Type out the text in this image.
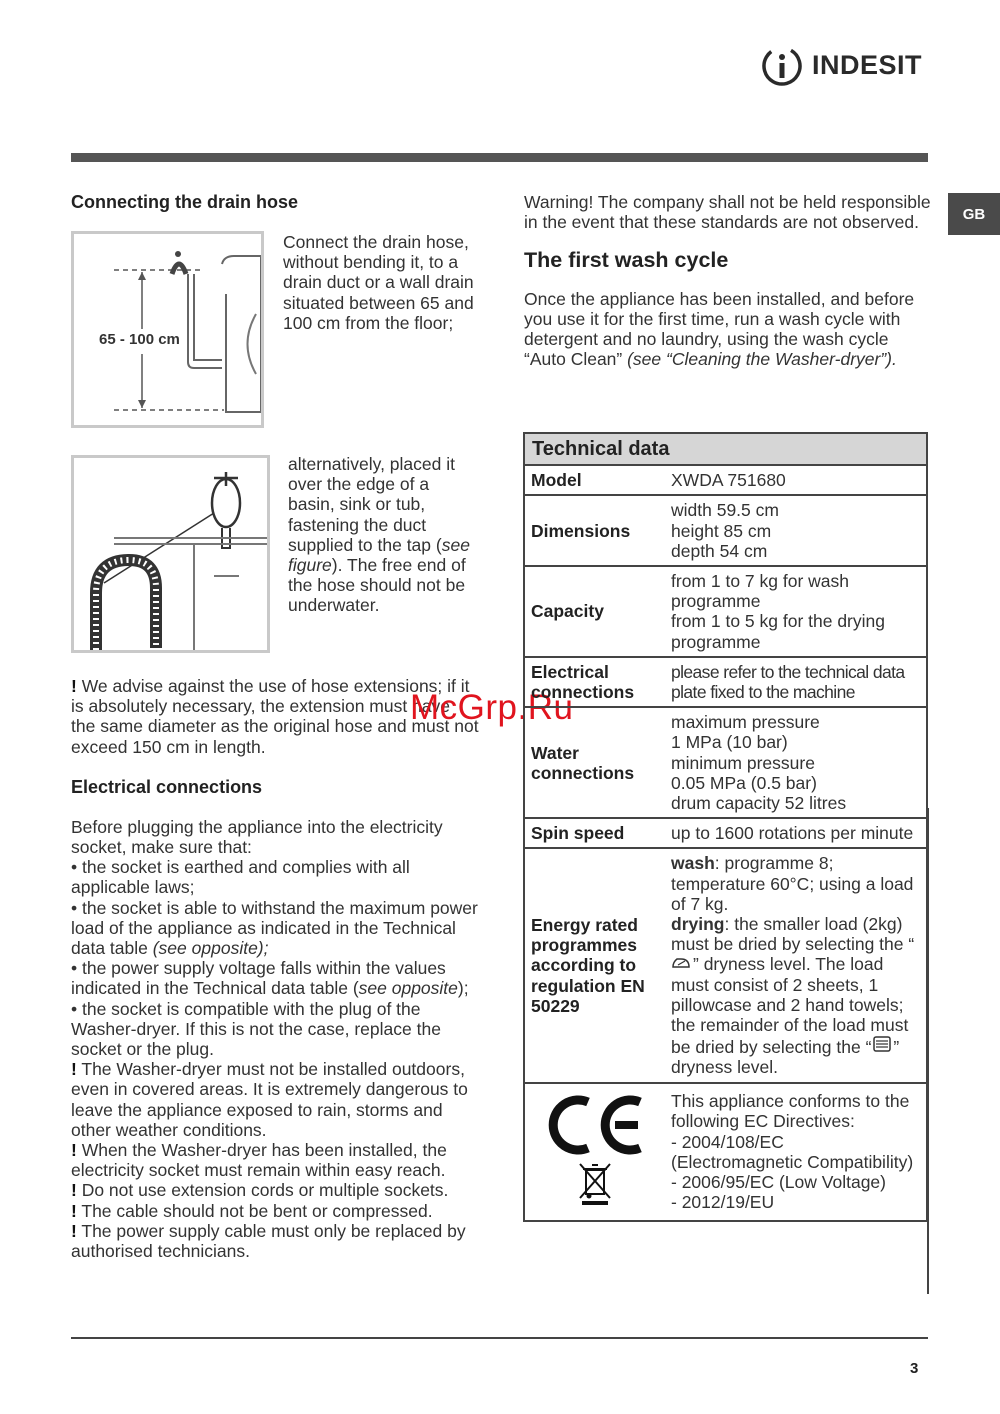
INDESIT
GB
Connecting the drain hose
65 - 100 cm
Connect the drain hose, without bending it, to a drain duct or a wall drain situated between 65 and 100 cm from the floor;
alternatively, placed it over the edge of a basin, sink or tub, fastening the duct supplied to the tap (see figure). The free end of the hose should not be underwater.

! We advise against the use of hose extensions; if it is absolutely necessary, the extension must have the same diameter as the original hose and must not exceed 150 cm in length.

Electrical connections

Before plugging the appliance into the electricity socket, make sure that:

• the socket is earthed and complies with all applicable laws;

• the socket is able to withstand the maximum power load of the appliance as indicated in the Technical data table (see opposite);

• the power supply voltage falls within the values indicated in the Technical data table (see opposite);

• the socket is compatible with the plug of the Washer-dryer. If this is not the case, replace the socket or the plug.

! The Washer-dryer must not be installed outdoors, even in covered areas. It is extremely dangerous to leave the appliance exposed to rain, storms and other weather conditions.

! When the Washer-dryer has been installed, the electricity socket must remain within easy reach.

! Do not use extension cords or multiple sockets.

! The cable should not be bent or compressed.

! The power supply cable must only be replaced by authorised technicians.

McGrp.Ru

Warning! The company shall not be held responsible in the event that these standards are not observed.

The first wash cycle

Once the appliance has been installed, and before you use it for the first time, run a wash cycle with detergent and no laundry, using the wash cycle “Auto Clean” (see “Cleaning the Washer-dryer”).

Technical data	
Model	XWDA 751680
Dimensions	width 59.5 cm
height 85 cm
depth 54 cm

Capacity	from 1 to 7 kg for wash programme
from 1 to 5 kg for the drying programme

Electrical connections	please refer to the technical data plate fixed to the machine
Water connections	maximum pressure
1 MPa (10 bar)
minimum pressure
0.05 MPa (0.5 bar)
drum capacity 52 litres

Spin speed	up to 1600 rotations per minute
Energy rated programmes according to regulation EN 50229	wash: programme 8; temperature 60°C; using a load of 7 kg.
drying: the smaller load (2kg) must be dried by selecting the “” dryness level. The load must consist of 2 sheets, 1 pillowcase and 2 hand towels; the remainder of the load must be dried by selecting the “ ” dryness level.

This appliance conforms to the following EC Directives:
- 2004/108/EC (Electromagnetic Compatibility)
- 2006/95/EC (Low Voltage)
- 2012/19/EU
3
